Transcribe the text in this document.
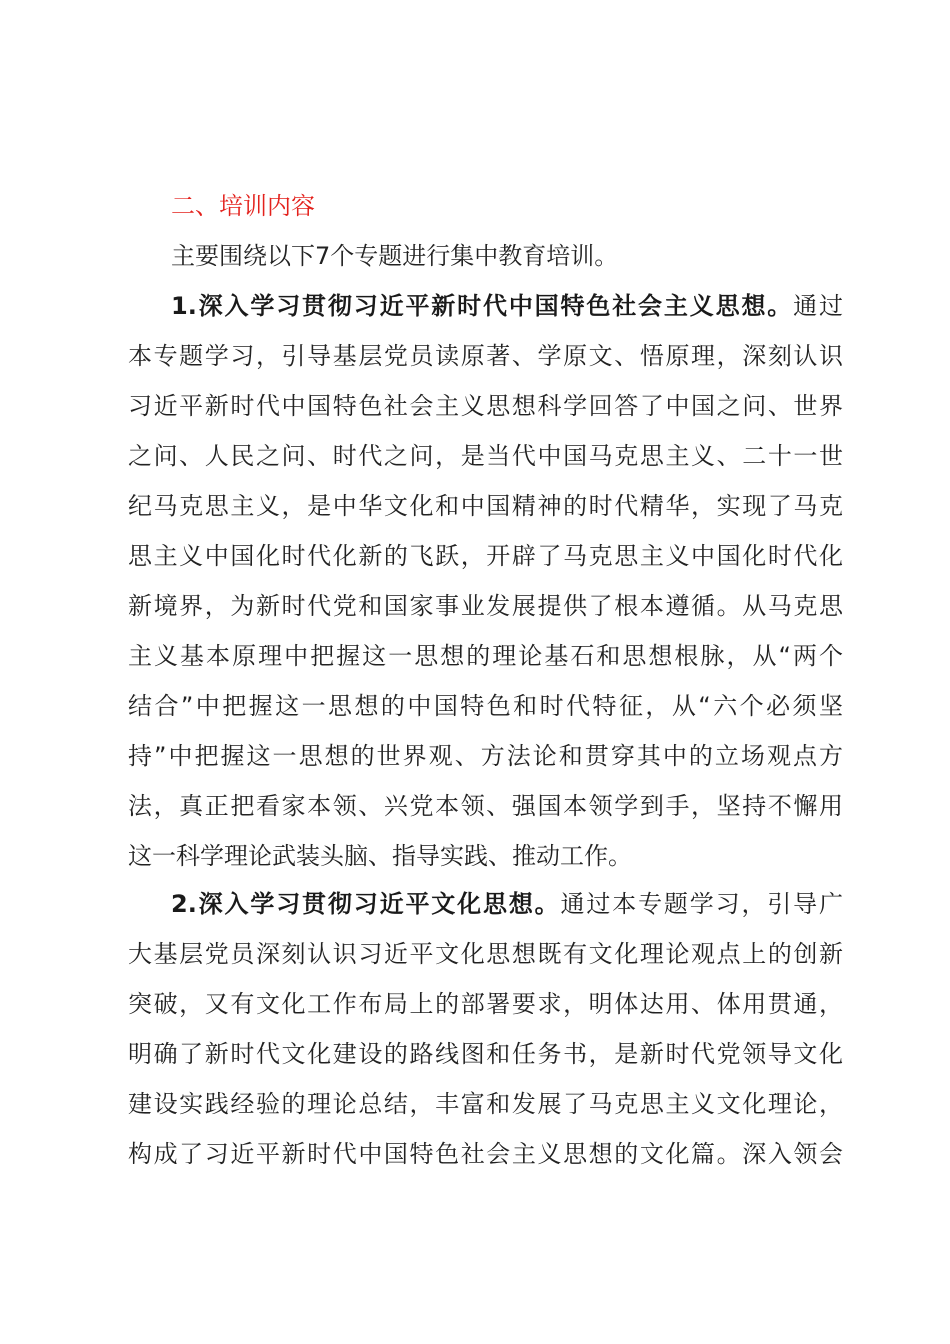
二、培训内容
主要围绕以下7个专题进行集中教育培训。
1.深入学习贯彻习近平新时代中国特色社会主义思想。通过
本专题学习，引导基层党员读原著、学原文、悟原理，深刻认识
习近平新时代中国特色社会主义思想科学回答了中国之问、世界
之问、人民之问、时代之问，是当代中国马克思主义、二十一世
纪马克思主义，是中华文化和中国精神的时代精华，实现了马克
思主义中国化时代化新的飞跃，开辟了马克思主义中国化时代化
新境界，为新时代党和国家事业发展提供了根本遵循。从马克思
主义基本原理中把握这一思想的理论基石和思想根脉，从“两个
结合”中把握这一思想的中国特色和时代特征，从“六个必须坚
持”中把握这一思想的世界观、方法论和贯穿其中的立场观点方
法，真正把看家本领、兴党本领、强国本领学到手，坚持不懈用
这一科学理论武装头脑、指导实践、推动工作。
2.深入学习贯彻习近平文化思想。通过本专题学习，引导广
大基层党员深刻认识习近平文化思想既有文化理论观点上的创新
突破，又有文化工作布局上的部署要求，明体达用、体用贯通，
明确了新时代文化建设的路线图和任务书，是新时代党领导文化
建设实践经验的理论总结，丰富和发展了马克思主义文化理论，
构成了习近平新时代中国特色社会主义思想的文化篇。深入领会
